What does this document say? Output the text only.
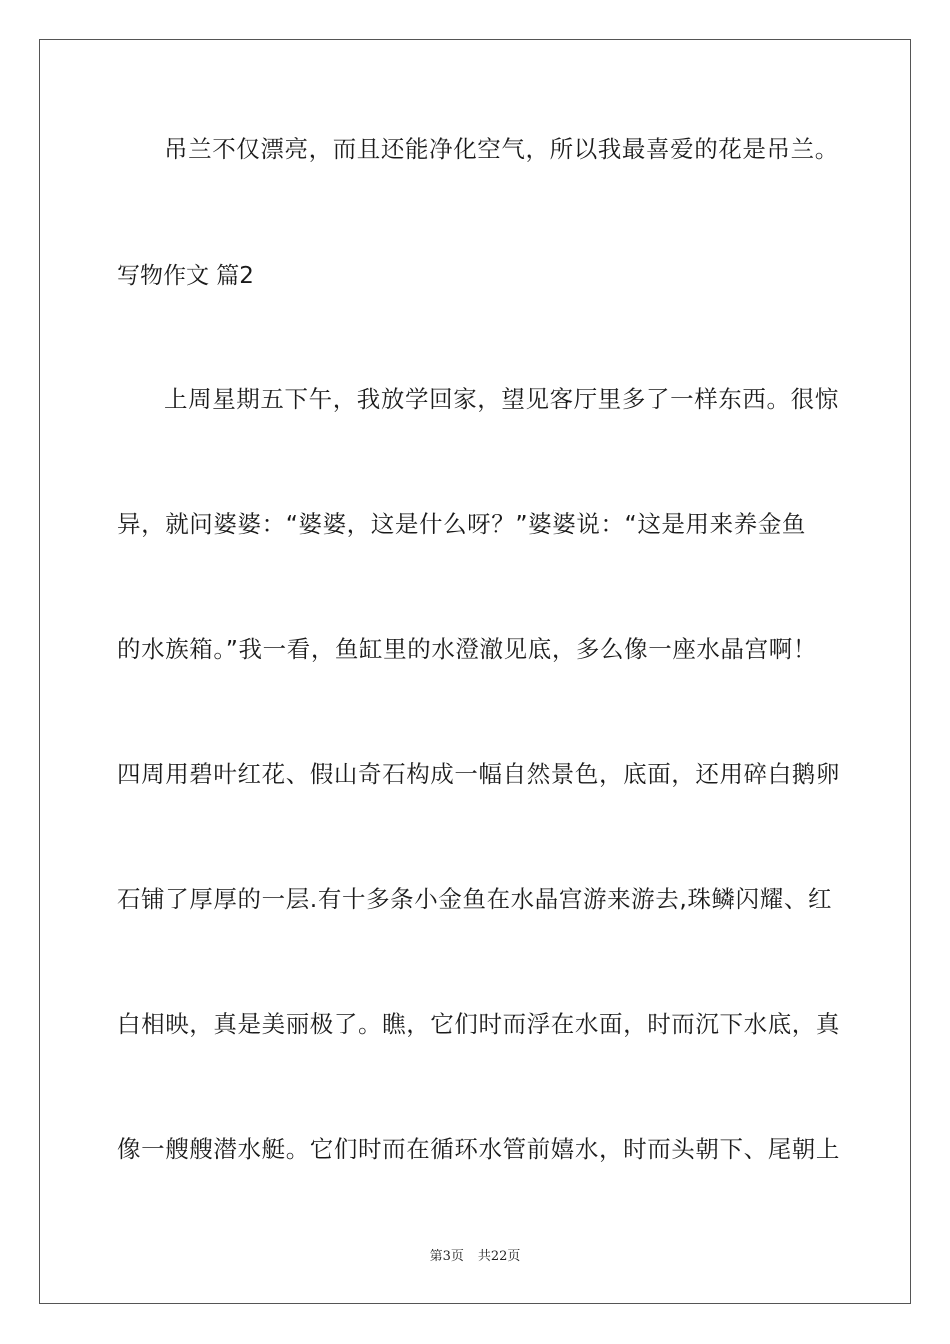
吊兰不仅漂亮，而且还能净化空气，所以我最喜爱的花是吊兰。
写物作文 篇2
上周星期五下午，我放学回家，望见客厅里多了一样东西。很惊
异，就问婆婆：“婆婆，这是什么呀？”婆婆说：“这是用来养金鱼
的水族箱。”我一看，鱼缸里的水澄澈见底，多么像一座水晶宫啊！
四周用碧叶红花、假山奇石构成一幅自然景色，底面，还用碎白鹅卵
石铺了厚厚的一层.有十多条小金鱼在水晶宫游来游去,珠鳞闪耀、红
白相映，真是美丽极了。瞧，它们时而浮在水面，时而沉下水底，真
像一艘艘潜水艇。它们时而在循环水管前嬉水，时而头朝下、尾朝上
第3页 共22页
